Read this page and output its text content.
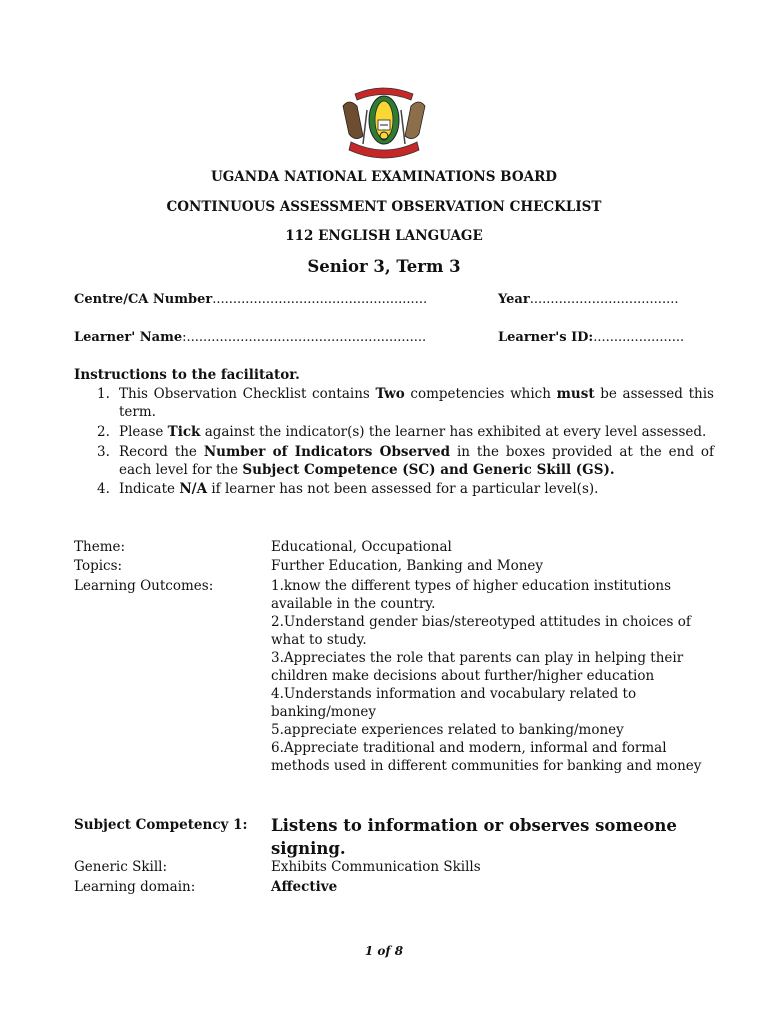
UGANDA NATIONAL EXAMINATIONS BOARD
CONTINUOUS ASSESSMENT OBSERVATION CHECKLIST
112 ENGLISH LANGUAGE
Senior 3, Term 3
Centre/CA Number....................................................	Year....................................
Learner' Name:..........................................................	Learner's ID:......................
Instructions to the facilitator.
1. This Observation Checklist contains Two competencies which must be assessed this term.
2. Please Tick against the indicator(s) the learner has exhibited at every level assessed.
3. Record the Number of Indicators Observed in the boxes provided at the end of each level for the Subject Competence (SC) and Generic Skill (GS).
4. Indicate N/A if learner has not been assessed for a particular level(s).
Theme:	Educational, Occupational
Topics:	Further Education, Banking and Money
Learning Outcomes:	1.know the different types of higher education institutions available in the country.
2.Understand gender bias/stereotyped attitudes in choices of what to study.
3.Appreciates the role that parents can play in helping their children make decisions about further/higher education
4.Understands information and vocabulary related to banking/money
5.appreciate experiences related to banking/money
6.Appreciate traditional and modern, informal and formal methods used in different communities for banking and money
Subject Competency 1: Listens to information or observes someone signing.
Generic Skill:	Exhibits Communication Skills
Learning domain:	Affective
1 of 8
